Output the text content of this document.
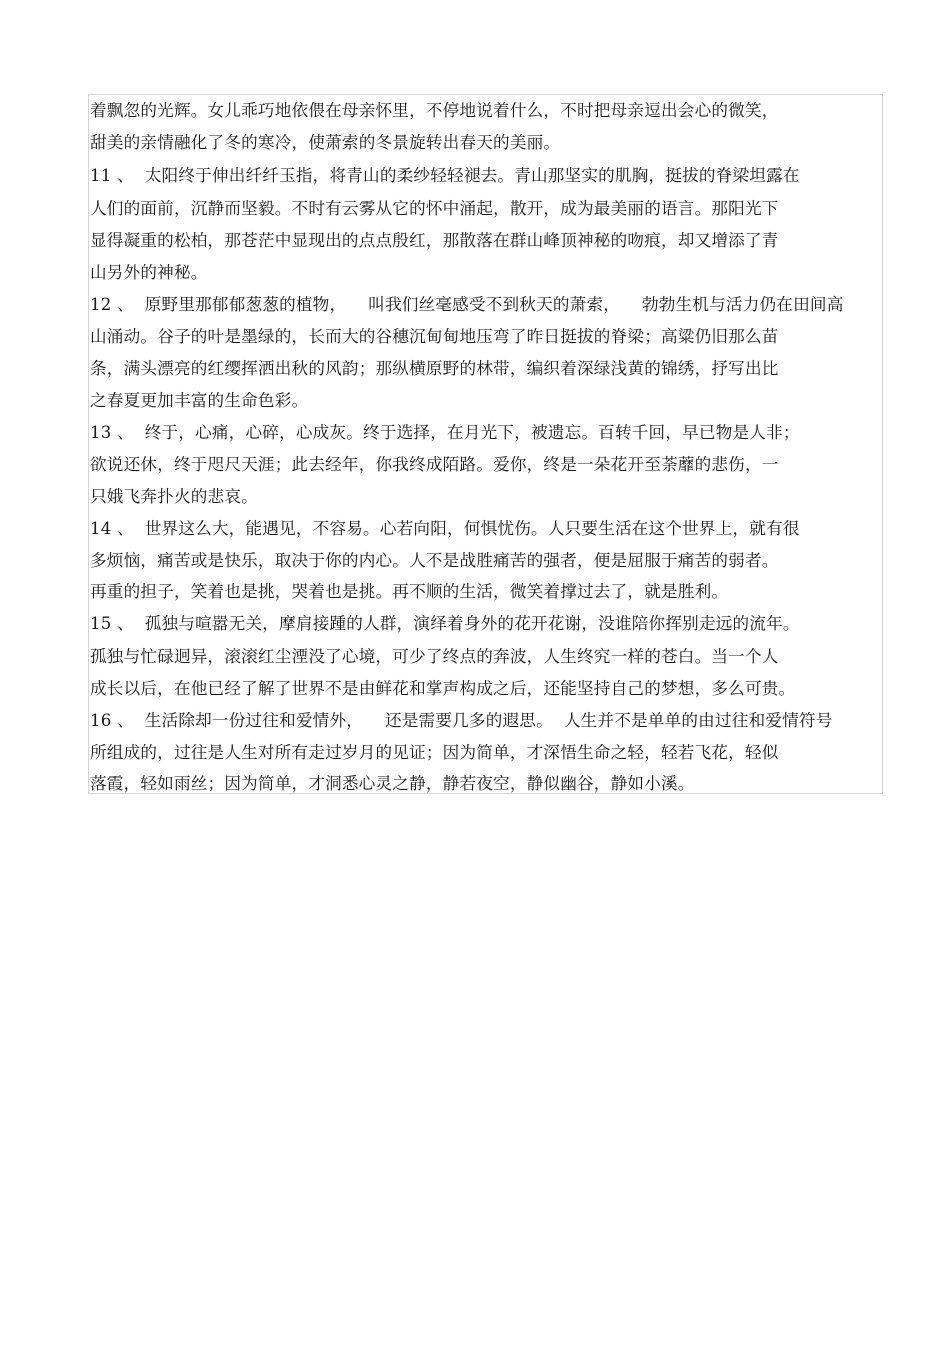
着飘忽的光辉。女儿乖巧地依偎在母亲怀里，不停地说着什么，不时把母亲逗出会心的微笑，
甜美的亲情融化了冬的寒冷，使萧索的冬景旋转出春天的美丽。
11 、  太阳终于伸出纤纤玉指，将青山的柔纱轻轻褪去。青山那坚实的肌胸，挺拔的脊梁坦露在
人们的面前，沉静而坚毅。不时有云雾从它的怀中涌起，散开，成为最美丽的语言。那阳光下
显得凝重的松柏，那苍茫中显现出的点点殷红，那散落在群山峰顶神秘的吻痕，却又增添了青
山另外的神秘。
12 、  原野里那郁郁葱葱的植物，    叫我们丝毫感受不到秋天的萧索，    勃勃生机与活力仍在田间高
山涌动。谷子的叶是墨绿的，长而大的谷穗沉甸甸地压弯了昨日挺拔的脊梁；高粱仍旧那么苗
条，满头漂亮的红缨挥洒出秋的风韵；那纵横原野的林带，编织着深绿浅黄的锦绣，抒写出比
之春夏更加丰富的生命色彩。
13 、  终于，心痛，心碎，心成灰。终于选择，在月光下，被遗忘。百转千回，早已物是人非；
欲说还休，终于咫尺天涯；此去经年，你我终成陌路。爱你，终是一朵花开至荼蘼的悲伤，一
只娥飞奔扑火的悲哀。
14 、  世界这么大，能遇见，不容易。心若向阳，何惧忧伤。人只要生活在这个世界上，就有很
多烦恼，痛苦或是快乐，取决于你的内心。人不是战胜痛苦的强者，便是屈服于痛苦的弱者。
再重的担子，笑着也是挑，哭着也是挑。再不顺的生活，微笑着撑过去了，就是胜利。
15 、  孤独与喧嚣无关，摩肩接踵的人群，演绎着身外的花开花谢，没谁陪你挥别走远的流年。
孤独与忙碌迥异，滚滚红尘湮没了心境，可少了终点的奔波，人生终究一样的苍白。当一个人
成长以后，在他已经了解了世界不是由鲜花和掌声构成之后，还能坚持自己的梦想，多么可贵。
16 、  生活除却一份过往和爱情外，    还是需要几多的遐思。  人生并不是单单的由过往和爱情符号
所组成的，过往是人生对所有走过岁月的见证；因为简单，才深悟生命之轻，轻若飞花，轻似
落霞，轻如雨丝；因为简单，才洞悉心灵之静，静若夜空，静似幽谷，静如小溪。
